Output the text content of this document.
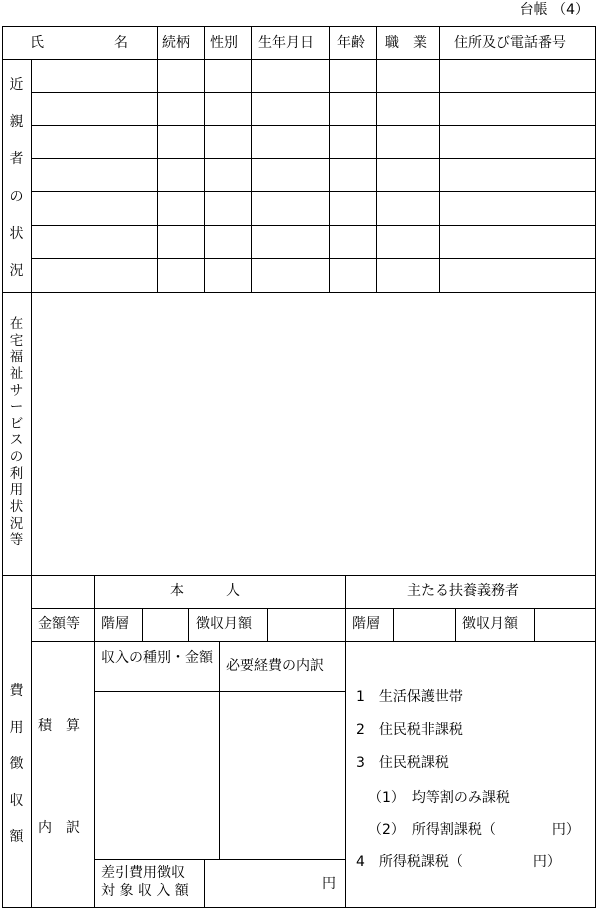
台帳 （4）
氏　　　　　名 続柄 性別 生年月日 年齢 職　業 住所及び電話番号
近
親
者
の
状
況
在
宅
福
祉
サ
ー
ビ
ス
の
利
用
状
況
等
費
用
徴
収
額
本　　　人	主たる扶養義務者
金額等 階層	徴収月額	階層	徴収月額
積　算
内　訳
収入の種別・金額 必要経費の内訳
差引費用徴収
対 象 収 入 額	円
1　生活保護世帯
2　住民税非課税
3　住民税課税
（1）　均等割のみ課税
（2）　所得割課税（　　　　円）
4　所得税課税（　　　　　円）
